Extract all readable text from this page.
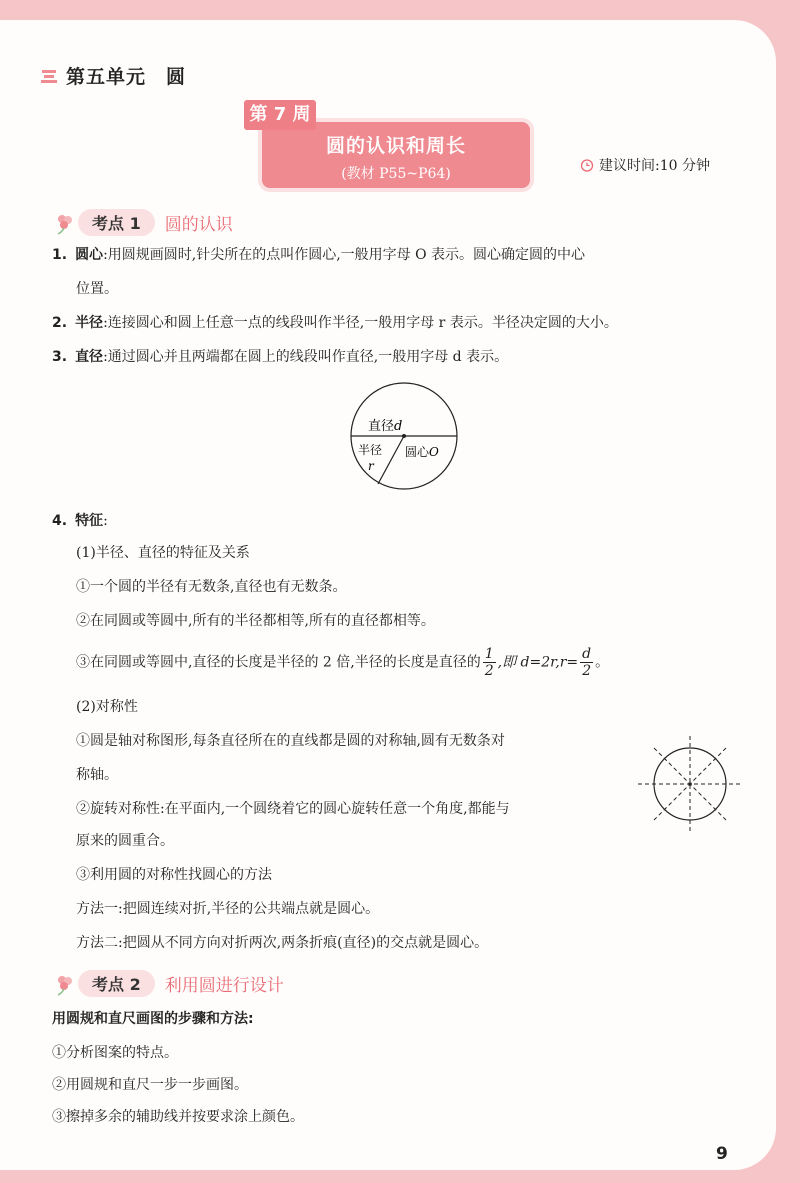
第五单元　圆
第 7 周
圆的认识和周长
(教材 P55~P64)	建议时间:10 分钟
考点 1	圆的认识
1. 圆心:用圆规画圆时,针尖所在的点叫作圆心,一般用字母 O 表示。圆心确定圆的中心
位置。
2. 半径:连接圆心和圆上任意一点的线段叫作半径,一般用字母 r 表示。半径决定圆的大小。
3. 直径:通过圆心并且两端都在圆上的线段叫作直径,一般用字母 d 表示。
直径d
半径
r
圆心O
4. 特征:
(1)半径、直径的特征及关系
①一个圆的半径有无数条,直径也有无数条。
②在同圆或等圆中,所有的半径都相等,所有的直径都相等。
③在同圆或等圆中,直径的长度是半径的 2 倍,半径的长度是直径的 $\frac{1}{2}$ ,即 $d=2r,r= \frac{d}{2}$ 。
(2)对称性
①圆是轴对称图形,每条直径所在的直线都是圆的对称轴,圆有无数条对
称轴。
②旋转对称性:在平面内,一个圆绕着它的圆心旋转任意一个角度,都能与
原来的圆重合。
③利用圆的对称性找圆心的方法
方法一:把圆连续对折,半径的公共端点就是圆心。
方法二:把圆从不同方向对折两次,两条折痕(直径)的交点就是圆心。
考点 2	利用圆进行设计
用圆规和直尺画图的步骤和方法:
①分析图案的特点。
②用圆规和直尺一步一步画图。
③擦掉多余的辅助线并按要求涂上颜色。
9
